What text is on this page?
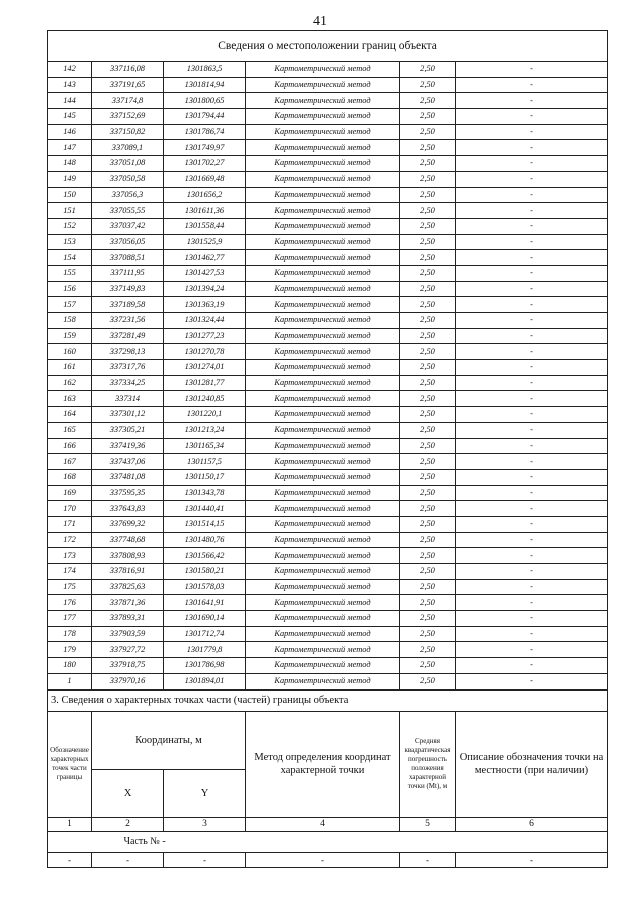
41
Сведения о местоположении границ объекта					
142	337116,08	1301863,5	Картометрический метод	2,50	-
143	337191,65	1301814,94	Картометрический метод	2,50	-
144	337174,8	1301800,65	Картометрический метод	2,50	-
145	337152,69	1301794,44	Картометрический метод	2,50	-
146	337150,82	1301786,74	Картометрический метод	2,50	-
147	337089,1	1301749,97	Картометрический метод	2,50	-
148	337051,08	1301702,27	Картометрический метод	2,50	-
149	337050,58	1301669,48	Картометрический метод	2,50	-
150	337056,3	1301656,2	Картометрический метод	2,50	-
151	337055,55	1301611,36	Картометрический метод	2,50	-
152	337037,42	1301558,44	Картометрический метод	2,50	-
153	337056,05	1301525,9	Картометрический метод	2,50	-
154	337088,51	1301462,77	Картометрический метод	2,50	-
155	337111,95	1301427,53	Картометрический метод	2,50	-
156	337149,83	1301394,24	Картометрический метод	2,50	-
157	337189,58	1301363,19	Картометрический метод	2,50	-
158	337231,56	1301324,44	Картометрический метод	2,50	-
159	337281,49	1301277,23	Картометрический метод	2,50	-
160	337298,13	1301270,78	Картометрический метод	2,50	-
161	337317,76	1301274,01	Картометрический метод	2,50	-
162	337334,25	1301281,77	Картометрический метод	2,50	-
163	337314	1301240,85	Картометрический метод	2,50	-
164	337301,12	1301220,1	Картометрический метод	2,50	-
165	337305,21	1301213,24	Картометрический метод	2,50	-
166	337419,36	1301165,34	Картометрический метод	2,50	-
167	337437,06	1301157,5	Картометрический метод	2,50	-
168	337481,08	1301150,17	Картометрический метод	2,50	-
169	337595,35	1301343,78	Картометрический метод	2,50	-
170	337643,83	1301440,41	Картометрический метод	2,50	-
171	337699,32	1301514,15	Картометрический метод	2,50	-
172	337748,68	1301480,76	Картометрический метод	2,50	-
173	337808,93	1301566,42	Картометрический метод	2,50	-
174	337816,91	1301580,21	Картометрический метод	2,50	-
175	337825,63	1301578,03	Картометрический метод	2,50	-
176	337871,36	1301641,91	Картометрический метод	2,50	-
177	337893,31	1301690,14	Картометрический метод	2,50	-
178	337903,59	1301712,74	Картометрический метод	2,50	-
179	337927,72	1301779,8	Картометрический метод	2,50	-
180	337918,75	1301786,98	Картометрический метод	2,50	-
1	337970,16	1301894,01	Картометрический метод	2,50	-
3. Сведения о характерных точках части (частей) границы объекта					
Обозначение характерных точек части границы	Координаты, м		Метод определения координат характерной точки	Средняя квадратическая погрешность положения характерной точки (Mt), м	Описание обозначения точки на местности (при наличии)
	X	Y			
1	2	3	4	5	6
	Часть № -				
-	-	-	-	-	-
